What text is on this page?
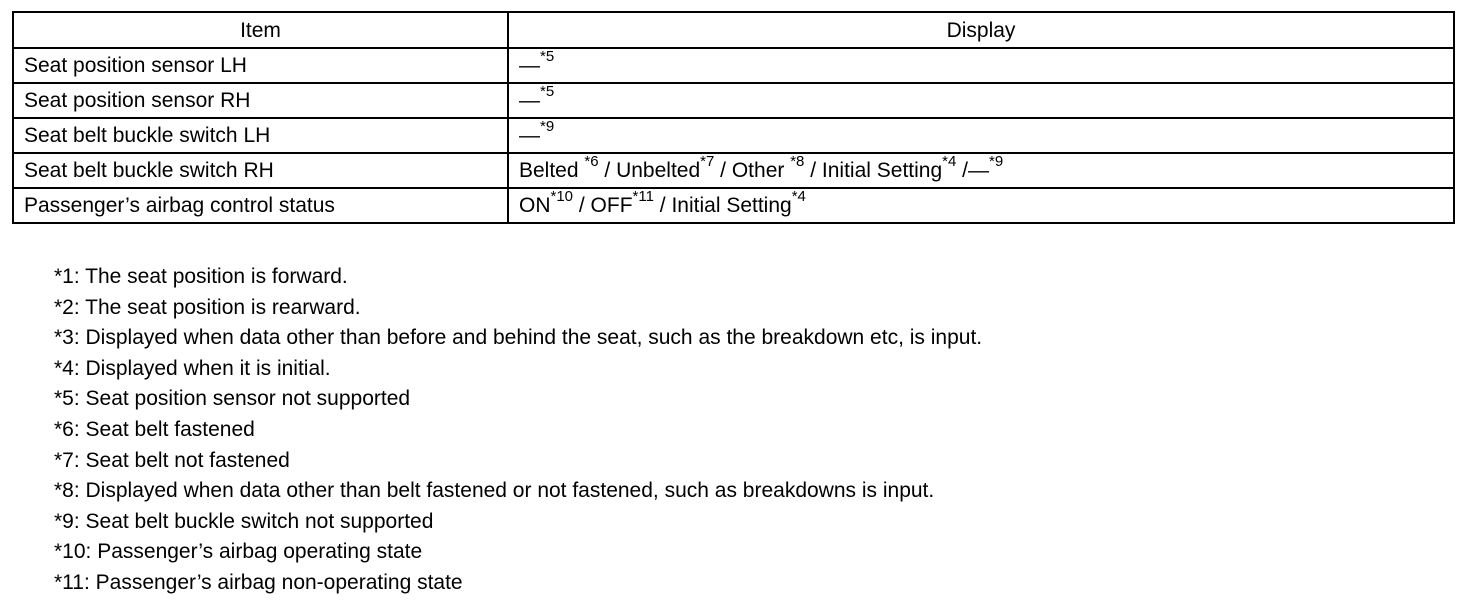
Item	Display
Seat position sensor LH	—$^{*5}$
Seat position sensor RH	—$^{*5}$
Seat belt buckle switch LH	—$^{*9}$
Seat belt buckle switch RH	Belted $^{*6}$ / Unbelted$^{*7}$ / Other $^{*8}$ / Initial Setting$^{*4}$ /—$^{*9}$
Passenger’s airbag control status	ON$^{*10}$ / OFF$^{*11}$ / Initial Setting$^{*4}$
*1: The seat position is forward.
*2: The seat position is rearward.
*3: Displayed when data other than before and behind the seat, such as the breakdown etc, is input.
*4: Displayed when it is initial.
*5: Seat position sensor not supported
*6: Seat belt fastened
*7: Seat belt not fastened
*8: Displayed when data other than belt fastened or not fastened, such as breakdowns is input.
*9: Seat belt buckle switch not supported
*10: Passenger’s airbag operating state
*11: Passenger’s airbag non-operating state
